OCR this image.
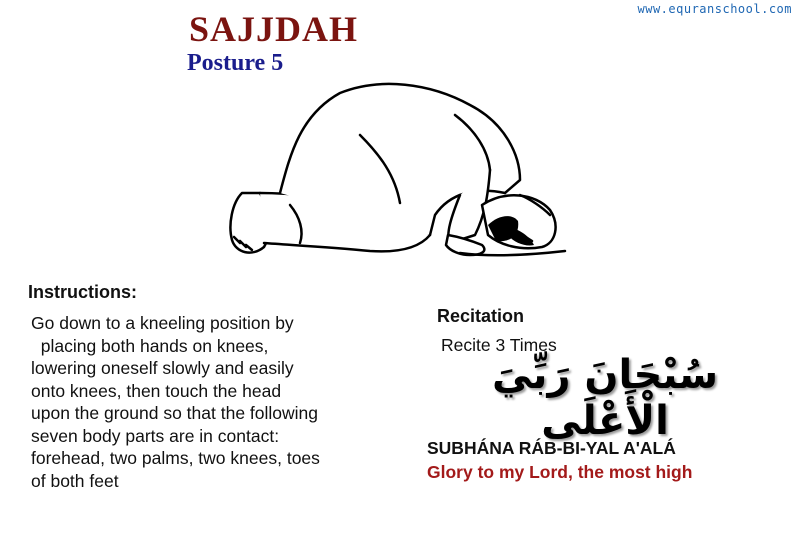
www.equranschool.com
SAJJDAH
Posture 5
Instructions:
Go down to a kneeling position by
placing both hands on knees,
lowering oneself slowly and easily
onto knees, then touch the head
upon the ground so that the following
seven body parts are in contact:
forehead, two palms, two knees, toes
of both feet
Recitation
Recite 3 Times
سُبْحَانَ رَبِّيَ الْأَعْلَى
SUBHÁNA RÁB-BI-YAL A'ALÁ
Glory to my Lord, the most high
